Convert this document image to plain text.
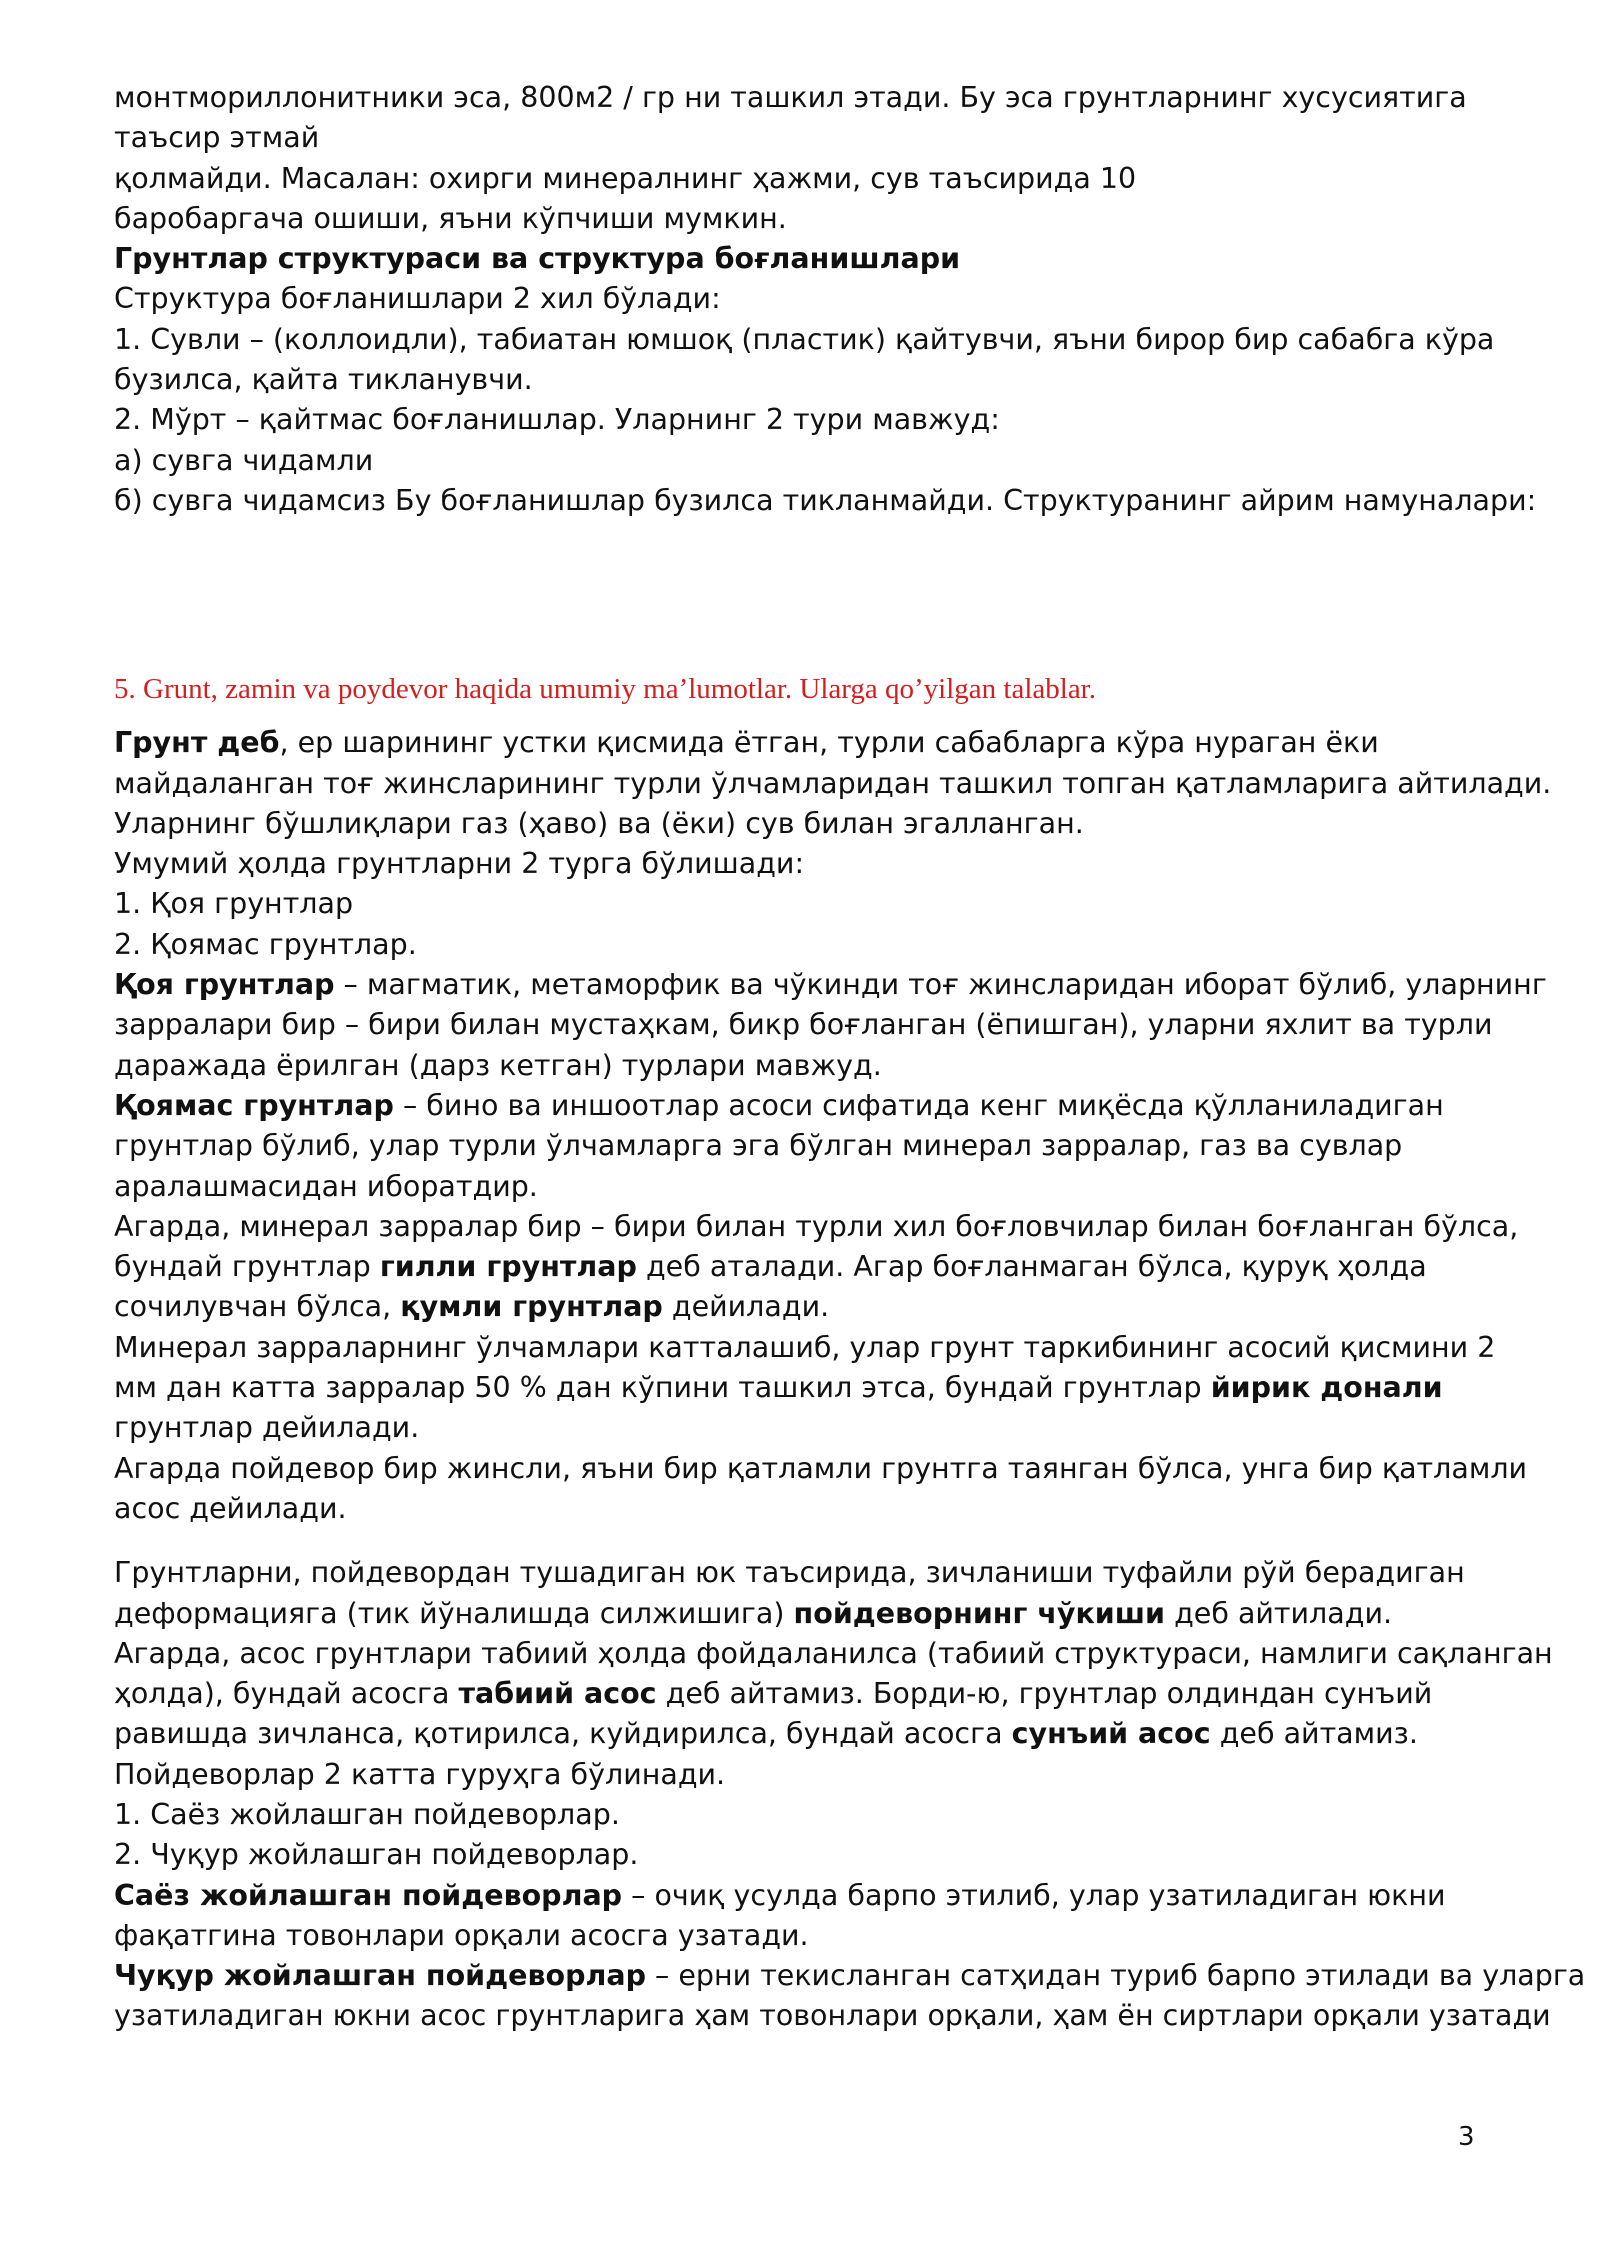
монтмориллонитники эса, 800м2 / гр ни ташкил этади. Бу эса грунтларнинг хусусиятига
таъсир этмай
қолмайди. Масалан: охирги минералнинг ҳажми, сув таъсирида 10
баробаргача ошиши, яъни кўпчиши мумкин.
Грунтлар структураси ва структура боғланишлари
Структура боғланишлари 2 хил бўлади:
1. Сувли – (коллоидли), табиатан юмшоқ (пластик) қайтувчи, яъни бирор бир сабабга кўра
бузилса, қайта тикланувчи.
2. Мўрт – қайтмас боғланишлар. Уларнинг 2 тури мавжуд:
а) сувга чидамли
б) сувга чидамсиз Бу боғланишлар бузилса тикланмайди. Структуранинг айрим намуналари:
5. Grunt, zamin va poydevor haqida umumiy ma’lumotlar. Ularga qo’yilgan talablar.
Грунт деб, ер шарининг устки қисмида ётган, турли сабабларга кўра нураган ёки
майдаланган тоғ жинсларининг турли ўлчамларидан ташкил топган қатламларига айтилади.
Уларнинг бўшлиқлари газ (ҳаво) ва (ёки) сув билан эгалланган.
Умумий ҳолда грунтларни 2 турга бўлишади:
1. Қоя грунтлар
2. Қоямас грунтлар.
Қоя грунтлар – магматик, метаморфик ва чўкинди тоғ жинсларидан иборат бўлиб, уларнинг
зарралари бир – бири билан мустаҳкам, бикр боғланган (ёпишган), уларни яхлит ва турли
даражада ёрилган (дарз кетган) турлари мавжуд.
Қоямас грунтлар – бино ва иншоотлар асоси сифатида кенг миқёсда қўлланиладиган
грунтлар бўлиб, улар турли ўлчамларга эга бўлган минерал зарралар, газ ва сувлар
аралашмасидан иборатдир.
Агарда, минерал зарралар бир – бири билан турли хил боғловчилар билан боғланган бўлса,
бундай грунтлар гилли грунтлар деб аталади. Агар боғланмаган бўлса, қуруқ ҳолда
сочилувчан бўлса, қумли грунтлар дейилади.
Минерал зарраларнинг ўлчамлари катталашиб, улар грунт таркибининг асосий қисмини 2
мм дан катта зарралар 50 % дан кўпини ташкил этса, бундай грунтлар йирик донали
грунтлар дейилади.
Агарда пойдевор бир жинсли, яъни бир қатламли грунтга таянган бўлса, унга бир қатламли
асос дейилади.
Грунтларни, пойдевордан тушадиган юк таъсирида, зичланиши туфайли рўй берадиган
деформацияга (тик йўналишда силжишига) пойдеворнинг чўкиши деб айтилади.
Агарда, асос грунтлари табиий ҳолда фойдаланилса (табиий структураси, намлиги сақланган
ҳолда), бундай асосга табиий асос деб айтамиз. Борди-ю, грунтлар олдиндан сунъий
равишда зичланса, қотирилса, куйдирилса, бундай асосга сунъий асос деб айтамиз.
Пойдеворлар 2 катта гуруҳга бўлинади.
1. Саёз жойлашган пойдеворлар.
2. Чуқур жойлашган пойдеворлар.
Саёз жойлашган пойдеворлар – очиқ усулда барпо этилиб, улар узатиладиган юкни
фақатгина товонлари орқали асосга узатади.
Чуқур жойлашган пойдеворлар – ерни текисланган сатҳидан туриб барпо этилади ва уларга
узатиладиган юкни асос грунтларига ҳам товонлари орқали, ҳам ён сиртлари орқали узатади
3
